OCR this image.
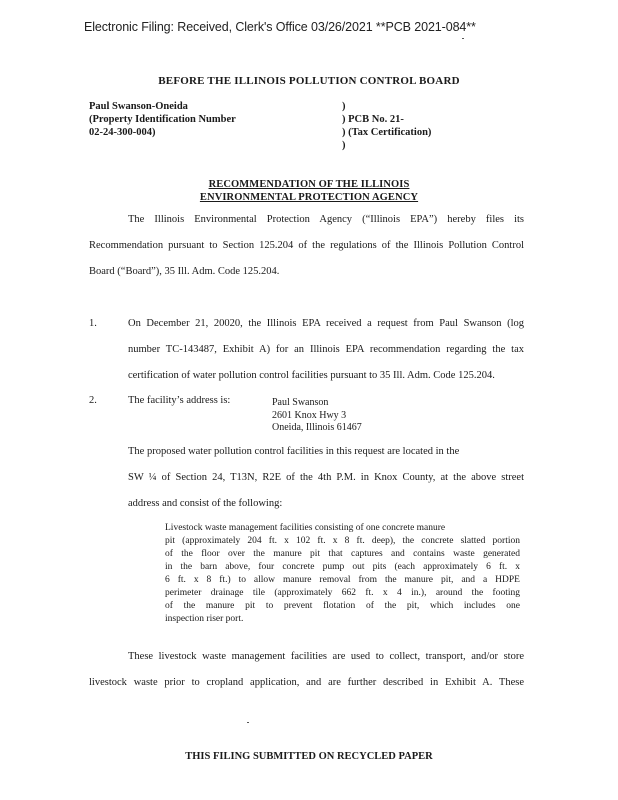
Electronic Filing: Received, Clerk's Office 03/26/2021 **PCB 2021-084**
BEFORE THE ILLINOIS POLLUTION CONTROL BOARD
Paul Swanson-Oneida
(Property Identification Number
02-24-300-004)
)
) PCB No. 21-
) (Tax Certification)
)
RECOMMENDATION OF THE ILLINOIS
ENVIRONMENTAL PROTECTION AGENCY
The Illinois Environmental Protection Agency (“Illinois EPA”) hereby files its
Recommendation pursuant to Section 125.204 of the regulations of the Illinois Pollution Control
Board (“Board”), 35 Ill. Adm. Code 125.204.
1.	On December 21, 20020, the Illinois EPA received a request from Paul Swanson (log
number TC-143487, Exhibit A) for an Illinois EPA recommendation regarding the tax
certification of water pollution control facilities pursuant to 35 Ill. Adm. Code 125.204.
2.	The facility’s address is:	Paul Swanson
2601 Knox Hwy 3
Oneida, Illinois 61467
The proposed water pollution control facilities in this request are located in the
SW ¼ of Section 24, T13N, R2E of the 4th P.M. in Knox County, at the above street
address and consist of the following:
Livestock waste management facilities consisting of one concrete manure
pit (approximately 204 ft. x 102 ft. x 8 ft. deep), the concrete slatted portion
of the floor over the manure pit that captures and contains waste generated
in the barn above, four concrete pump out pits (each approximately 6 ft. x
6 ft. x 8 ft.) to allow manure removal from the manure pit, and a HDPE
perimeter drainage tile (approximately 662 ft. x 4 in.), around the footing
of the manure pit to prevent flotation of the pit, which includes one
inspection riser port.
These livestock waste management facilities are used to collect, transport, and/or store
livestock waste prior to cropland application, and are further described in Exhibit A. These
THIS FILING SUBMITTED ON RECYCLED PAPER
